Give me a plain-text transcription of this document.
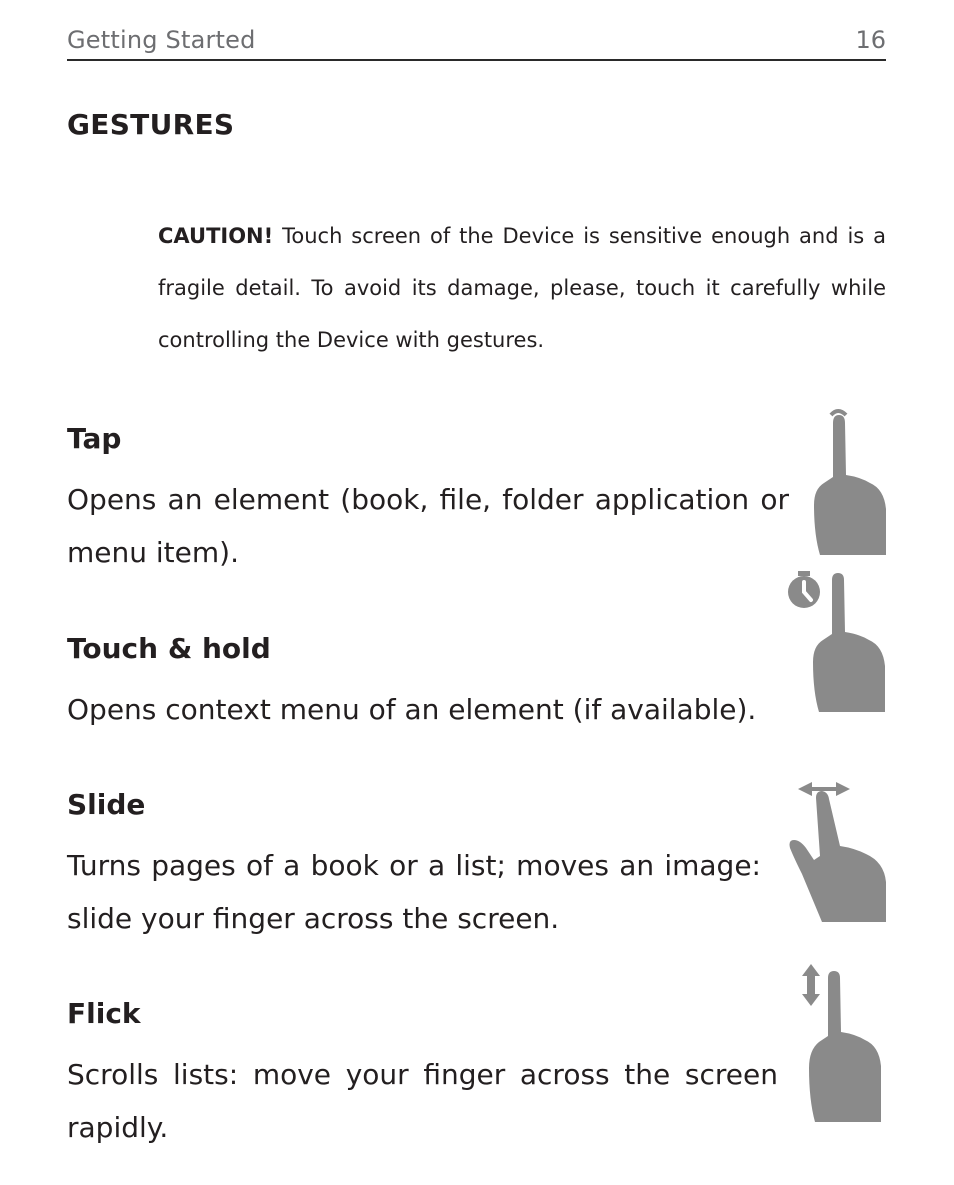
Getting Started	16
GESTURES
CAUTION! Touch screen of the Device is sensitive enough and is a fragile detail. To avoid its damage, please, touch it carefully while controlling the Device with gestures.
Tap
Opens an element (book, file, folder application or menu item).
Touch & hold
Opens context menu of an element (if available).
Slide
Turns pages of a book or a list; moves an image: slide your finger across the screen.
Flick
Scrolls lists: move your finger across the screen rapidly.
